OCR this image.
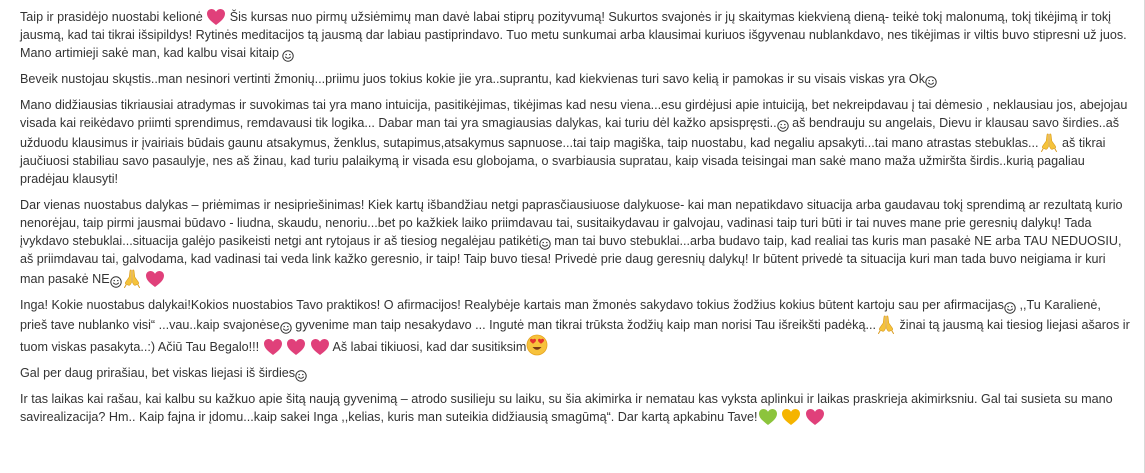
Taip ir prasidėjo nuostabi kelionė
Šis kursas nuo pirmų užsiėmimų man davė labai stiprų pozityvumą! Sukurtos svajonės ir jų skaitymas kiekvieną dieną- teikė tokį malonumą, tokį tikėjimą ir tokį jausmą, kad tai tikrai išsipildys! Rytinės meditacijos tą jausmą dar labiau pastiprindavo. Tuo metu sunkumai arba klausimai kuriuos išgyvenau nublankdavo, nes tikėjimas ir viltis buvo stipresni už juos. Mano artimieji sakė man, kad kalbu visai kitaip

Beveik nustojau skųstis..man nesinori vertinti žmonių...priimu juos tokius kokie jie yra..suprantu, kad kiekvienas turi savo kelią ir pamokas ir su visais viskas yra Ok

Mano didžiausias tikriausiai atradymas ir suvokimas tai yra mano intuicija, pasitikėjimas, tikėjimas kad nesu viena...esu girdėjusi apie intuiciją, bet nekreipdavau į tai dėmesio , neklausiau jos, abejojau visada kai reikėdavo priimti sprendimus, remdavausi tik logika... Dabar man tai yra smagiausias dalykas, kai turiu dėl kažko apsispręsti..
aš bendrauju su angelais, Dievu ir klausau savo širdies..aš užduodu klausimus ir įvairiais būdais gaunu atsakymus, ženklus, sutapimus,atsakymus sapnuose...tai taip magiška, taip nuostabu, kad negaliu apsakyti...tai mano atrastas stebuklas...
aš tikrai jaučiuosi stabiliau savo pasaulyje, nes aš žinau, kad turiu palaikymą ir visada esu globojama, o svarbiausia supratau, kaip visada teisingai man sakė mano maža užmiršta širdis..kurią pagaliau pradėjau klausyti!

Dar vienas nuostabus dalykas – priėmimas ir nesipriešinimas! Kiek kartų išbandžiau netgi paprasčiausiuose dalykuose- kai man nepatikdavo situacija arba gaudavau tokį sprendimą ar rezultatą kurio nenorėjau, taip pirmi jausmai būdavo - liudna, skaudu, nenoriu...bet po kažkiek laiko priimdavau tai, susitaikydavau ir galvojau, vadinasi taip turi būti ir tai nuves mane prie geresnių dalykų! Tada įvykdavo stebuklai...situacija galėjo pasikeisti netgi ant rytojaus ir aš tiesiog negalėjau patikėti
man tai buvo stebuklai...arba budavo taip, kad realiai tas kuris man pasakė NE arba TAU NEDUOSIU, aš priimdavau tai, galvodama, kad vadinasi tai veda link kažko geresnio, ir taip! Taip buvo tiesa! Privedė prie daug geresnių dalykų! Ir būtent privedė ta situacija kuri man tada buvo neigiama ir kuri man pasakė NE

Inga! Kokie nuostabus dalykai!Kokios nuostabios Tavo praktikos! O afirmacijos! Realybėje kartais man žmonės sakydavo tokius žodžius kokius būtent kartoju sau per afirmacijas
,,Tu Karalienė, prieš tave nublanko visi“ ...vau..kaip svajonėse
gyvenime man taip nesakydavo ... Ingutė man tikrai trūksta žodžių kaip man norisi Tau išreikšti padėką...
žinai tą jausmą kai tiesiog liejasi ašaros ir tuom viskas pasakyta..:) Ačiū Tau Begalo!!!

	Aš labai tikiuosi, kad dar susitiksim

Gal per daug prirašiau, bet viskas liejasi iš širdies

Ir tas laikas kai rašau, kai kalbu su kažkuo apie šitą naują gyvenimą – atrodo susilieju su laiku, su šia akimirka ir nematau kas vyksta aplinkui ir laikas praskrieja akimirksniu. Gal tai susieta su mano savirealizacija? Hm.. Kaip fajna ir įdomu...kaip sakei Inga ,,kelias, kuris man suteikia didžiausią smagūmą“. Dar kartą apkabinu Tave!
